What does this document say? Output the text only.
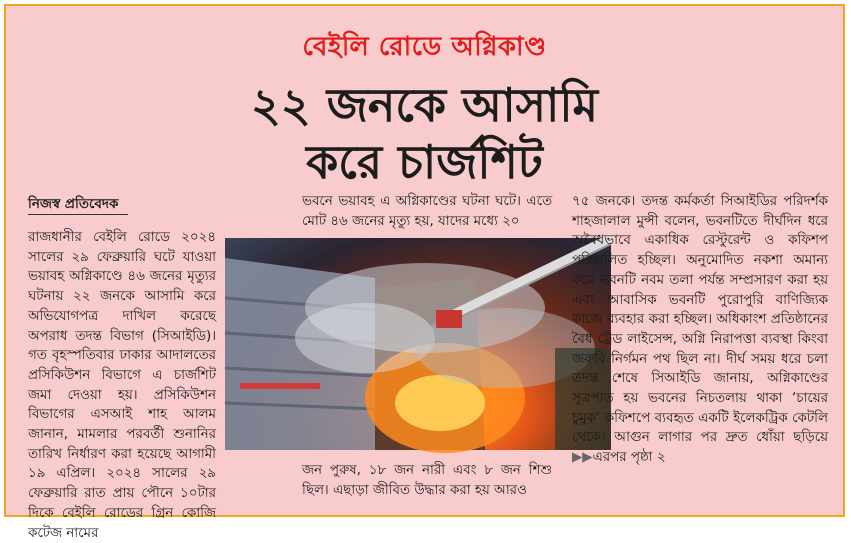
বেইলি রোডে অগ্নিকাণ্ড
২২ জনকে আসামি
করে চার্জশিট
নিজস্ব প্রতিবেদক
রাজধানীর বেইলি রোডে ২০২৪ সালের ২৯ ফেব্রুয়ারি ঘটে যাওয়া ভয়াবহ অগ্নিকাণ্ডে ৪৬ জনের মৃত্যুর ঘটনায় ২২ জনকে আসামি করে অভিযোগপত্র দাখিল করেছে অপরাধ তদন্ত বিভাগ (সিআইডি)। গত বৃহস্পতিবার ঢাকার আদালতের প্রসিকিউশন বিভাগে এ চার্জশিট জমা দেওয়া হয়। প্রসিকিউশন বিভাগের এসআই শাহ আলম জানান, মামলার পরবর্তী শুনানির তারিখ নির্ধারণ করা হয়েছে আগামী ১৯ এপ্রিল। ২০২৪ সালের ২৯ ফেব্রুয়ারি রাত প্রায় পৌনে ১০টার দিকে বেইলি রোডের গ্রিন কোজি কটেজ নামের
ভবনে ভয়াবহ এ অগ্নিকাণ্ডের ঘটনা ঘটে। এতে মোট ৪৬ জনের মৃত্যু হয়, যাদের মধ্যে ২০
জন পুরুষ, ১৮ জন নারী এবং ৮ জন শিশু ছিল। এছাড়া জীবিত উদ্ধার করা হয় আরও
৭৫ জনকে। তদন্ত কর্মকর্তা সিআইডির পরিদর্শক শাহজালাল মুন্সী বলেন, ভবনটিতে দীর্ঘদিন ধরে অবৈধভাবে একাধিক রেস্টুরেন্ট ও কফিশপ পরিচালিত হচ্ছিল। অনুমোদিত নকশা অমান্য করে ভবনটি নবম তলা পর্যন্ত সম্প্রসারণ করা হয় এবং আবাসিক ভবনটি পুরোপুরি বাণিজ্যিক কাজে ব্যবহার করা হচ্ছিল। অধিকাংশ প্রতিষ্ঠানের বৈধ ট্রেড লাইসেন্স, অগ্নি নিরাপত্তা ব্যবস্থা কিংবা জরুরি নির্গমন পথ ছিল না। দীর্ঘ সময় ধরে চলা তদন্ত শেষে সিআইডি জানায়, অগ্নিকাণ্ডের সূত্রপাত হয় ভবনের নিচতলায় থাকা ‘চায়ের চুমুক’ কফিশপে ব্যবহৃত একটি ইলেকট্রিক কেটলি থেকে। আগুন লাগার পর দ্রুত ধোঁয়া ছড়িয়ে ▶▶এরপর পৃষ্ঠা ২
